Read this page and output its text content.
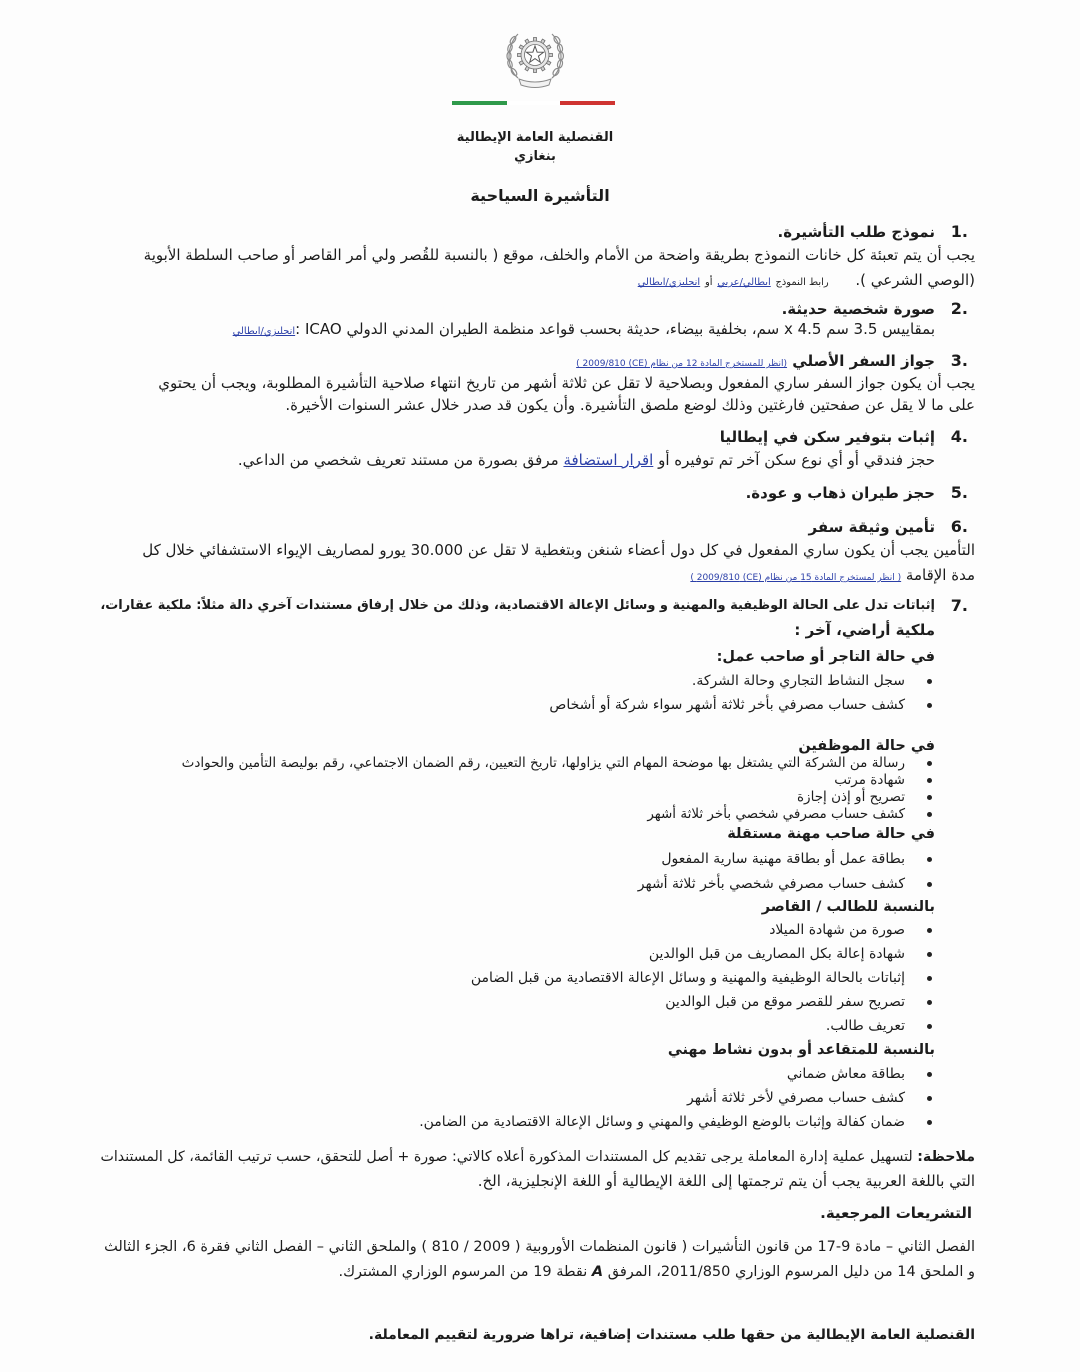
القنصلية العامة الإيطالية
بنغازي
التأشيرة السياحية
1.
نموذج طلب التأشيرة.
يجب أن يتم تعبئة كل خانات النموذج بطريقة واضحة من الأمام والخلف، موقع ( بالنسبة للقُصر ولي أمر القاصر أو صاحب السلطة الأبوية
(الوصي الشرعي ). رابط النموذج ايطالي/عربي أو انجليزي/ايطالي
2.
صورة شخصية حديثة.
بمقاييس 3.5 سم x 4.5 سم، بخلفية بيضاء، حديثة بحسب قواعد منظمة الطيران المدني الدولي ICAO :انجليزي/ايطالي
3.
جواز السفر الأصلي (انظر للمستخرج المادة 12 من نظام (CE) 2009/810 )
يجب أن يكون جواز السفر ساري المفعول وبصلاحية لا تقل عن ثلاثة أشهر من تاريخ انتهاء صلاحية التأشيرة المطلوبة، ويجب أن يحتوي
على ما لا يقل عن صفحتين فارغتين وذلك لوضع ملصق التأشيرة. وأن يكون قد صدر خلال عشر السنوات الأخيرة.
4.
إثبات بتوفير سكن في إيطاليا
حجز فندقي أو أي نوع سكن آخر تم توفيره أو اقرار استضافة مرفق بصورة من مستند تعريف شخصي من الداعي.
5.
حجز طيران ذهاب و عودة.
6.
تأمين وثيقة سفر
التأمين يجب أن يكون ساري المفعول في كل دول أعضاء شنغن وبتغطية لا تقل عن 30.000 يورو لمصاريف الإيواء الاستشفائي خلال كل
مدة الإقامة ( انظر لمستخرج المادة 15 من نظام (CE) 2009/810 )
7.
إثباتات تدل على الحالة الوظيفية والمهنية و وسائل الإعالة الاقتصادية، وذلك من خلال إرفاق مستندات آخري دالة مثلاً: ملكية عقارات،
ملكية أراضي، آخر :
في حالة التاجر أو صاحب عمل:
سجل النشاط التجاري وحالة الشركة.
كشف حساب مصرفي بأخر ثلاثة أشهر سواء شركة أو أشخاص
في حالة الموظفين
رسالة من الشركة التي يشتغل بها موضحة المهام التي يزاولها، تاريخ التعيين، رقم الضمان الاجتماعي، رقم بوليصة التأمين والحوادث
شهادة مرتب
تصريح أو إذن إجازة
كشف حساب مصرفي شخصي بأخر ثلاثة أشهر
في حالة صاحب مهنة مستقلة
بطاقة عمل أو بطاقة مهنية سارية المفعول
كشف حساب مصرفي شخصي بأخر ثلاثة أشهر
بالنسبة للطالب / القاصر
صورة من شهادة الميلاد
شهادة إعالة بكل المصاريف من قبل الوالدين
إثباتات بالحالة الوظيفية والمهنية و وسائل الإعالة الاقتصادية من قبل الضامن
تصريح سفر للقصر موقع من قبل الوالدين
تعريف طالب.
بالنسبة للمتقاعد أو بدون نشاط مهني
بطاقة معاش ضماني
كشف حساب مصرفي لأخر ثلاثة أشهر
ضمان كفالة وإثبات بالوضع الوظيفي والمهني و وسائل الإعالة الاقتصادية من الضامن.
ملاحظة: لتسهيل عملية إدارة المعاملة يرجى تقديم كل المستندات المذكورة أعلاه كالاتي: صورة + أصل للتحقق، حسب ترتيب القائمة، كل المستندات
التي باللغة العربية يجب أن يتم ترجمتها إلى اللغة الإيطالية أو اللغة الإنجليزية، الخ.
التشريعات المرجعية.
الفصل الثاني – مادة 9-17 من قانون التأشيرات ( قانون المنظمات الأوروبية ( 2009 / 810 ) والملحق الثاني – الفصل الثاني فقرة 6، الجزء الثالث
و الملحق 14 من دليل المرسوم الوزاري 2011/850، المرفق A نقطة 19 من المرسوم الوزاري المشترك.
القنصلية العامة الإيطالية من حقها طلب مستندات إضافية، تراها ضرورية لتقييم المعاملة.
